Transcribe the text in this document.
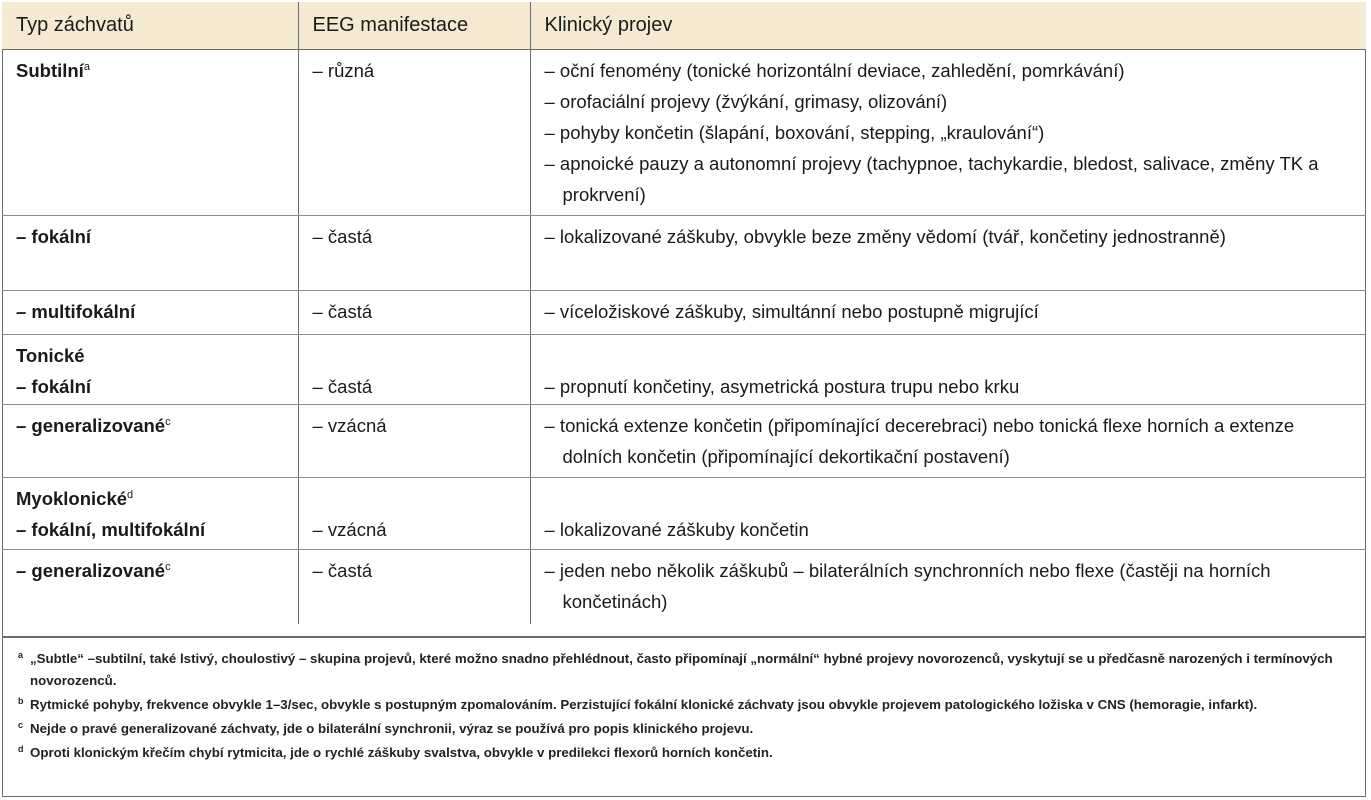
Typ záchvatů	EEG manifestace	Klinický projev
Subtilní$^a$	– různá	– oční fenomény (tonické horizontální deviace, zahledění, pomrkávání)
– orofaciální projevy (žvýkání, grimasy, olizování)
– pohyby končetin (šlapání, boxování, stepping, „kraulování“)
– apnoické pauzy a autonomní projevy (tachypnoe, tachykardie, bledost, salivace, změny TK a prokrvení)

– fokální	– častá	– lokalizované záškuby, obvykle beze změny vědomí (tvář, končetiny jednostranně)

– multifokální	– častá	– víceložiskové záškuby, simultánní nebo postupně migrující

Tonické
– fokální	– častá	– propnutí končetiny, asymetrická postura trupu nebo krku

– generalizované$^c$	– vzácná	– tonická extenze končetin (připomínající decerebraci) nebo tonická flexe horních a extenze dolních končetin (připomínající dekortikační postavení)

Myoklonické$^d$
– fokální, multifokální	– vzácná	– lokalizované záškuby končetin

– generalizované$^c$	– častá	– jeden nebo několik záškubů – bilaterálních synchronních nebo flexe (častěji na horních končetinách)
a „Subtle“ –subtilní, také lstivý, choulostivý – skupina projevů, které možno snadno přehlédnout, často připomínají „normální“ hybné projevy novorozenců, vyskytují se u předčasně narozených i termínových novorozenců.
b Rytmické pohyby, frekvence obvykle 1–3/sec, obvykle s postupným zpomalováním. Perzistující fokální klonické záchvaty jsou obvykle projevem patologického ložiska v CNS (hemoragie, infarkt).
c Nejde o pravé generalizované záchvaty, jde o bilaterální synchronii, výraz se používá pro popis klinického projevu.
d Oproti klonickým křečím chybí rytmicita, jde o rychlé záškuby svalstva, obvykle v predilekci flexorů horních končetin.
